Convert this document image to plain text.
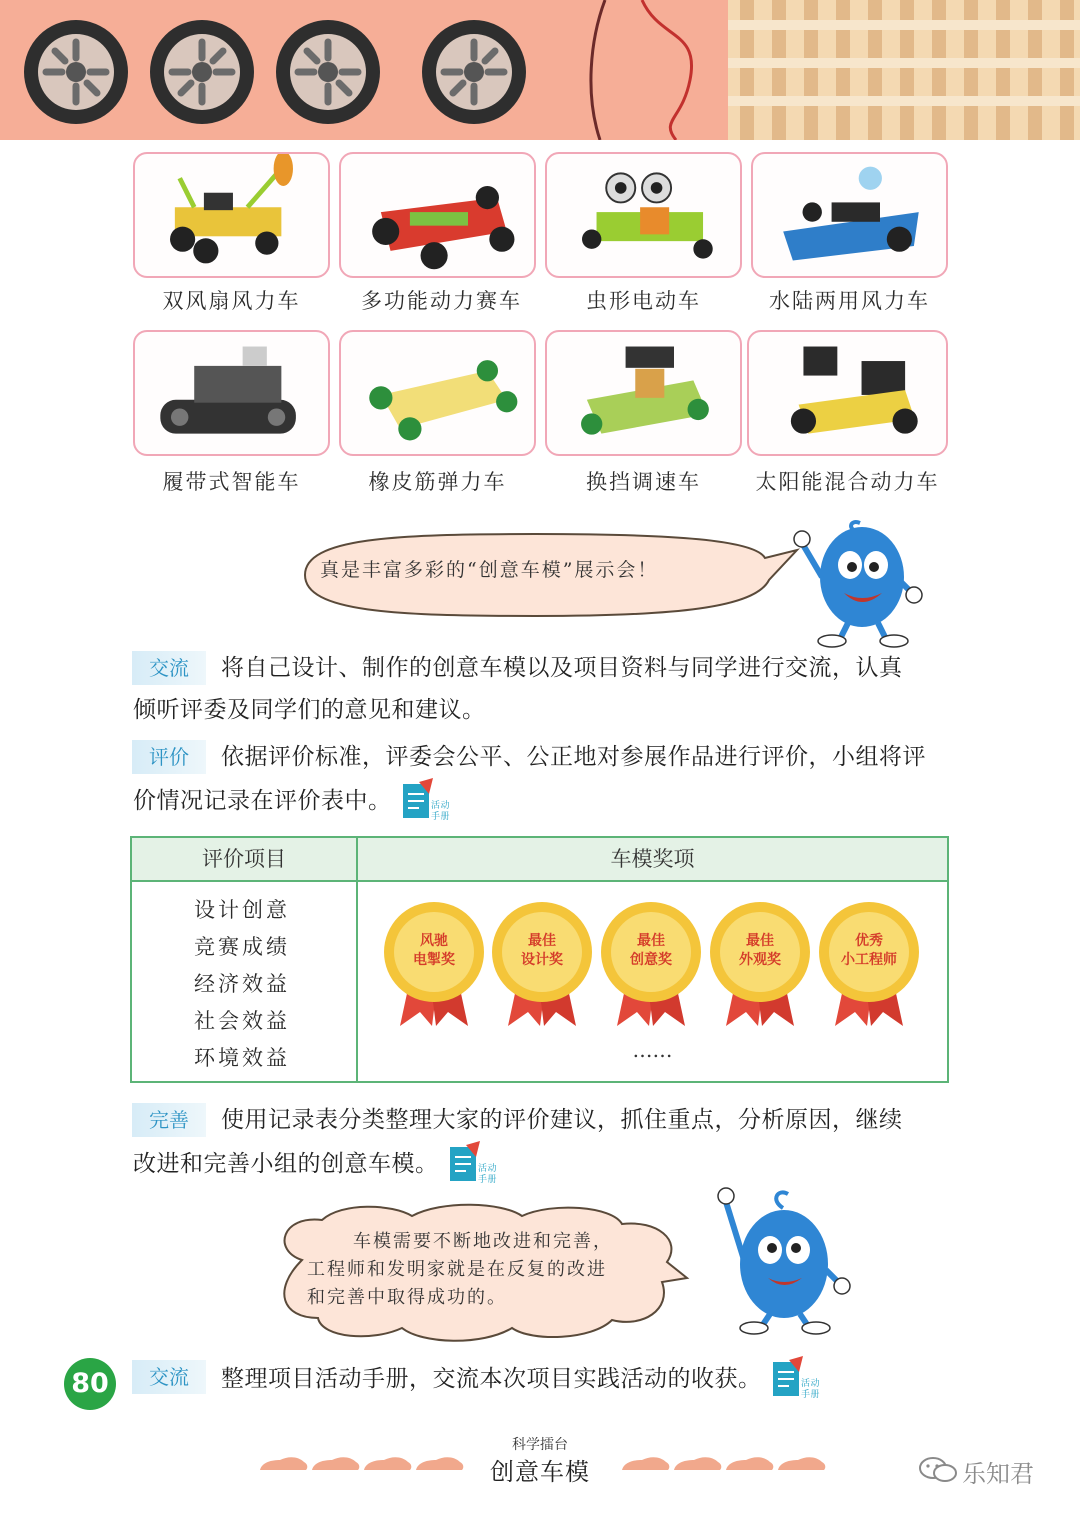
双风扇风力车	多功能动力赛车	虫形电动车	水陆两用风力车
履带式智能车	橡皮筋弹力车	换挡调速车	太阳能混合动力车
真是丰富多彩的“创意车模”展示会！
交流	将自己设计、制作的创意车模以及项目资料与同学进行交流，认真
倾听评委及同学们的意见和建议。
评价	依据评价标准，评委会公平、公正地对参展作品进行评价，小组将评
价情况记录在评价表中。	活动
手册
评价项目	车模奖项
设计创意
竞赛成绩
经济效益
社会效益
环境效益
风驰
电掣奖
最佳
设计奖
最佳
创意奖
最佳
外观奖
优秀
小工程师
……
完善	使用记录表分类整理大家的评价建议，抓住重点，分析原因，继续
改进和完善小组的创意车模。	活动
手册
车模需要不断地改进和完善，
工程师和发明家就是在反复的改进
和完善中取得成功的。
80	交流	整理项目活动手册，交流本次项目实践活动的收获。	活动
手册
科学擂台
创意车模	乐知君
